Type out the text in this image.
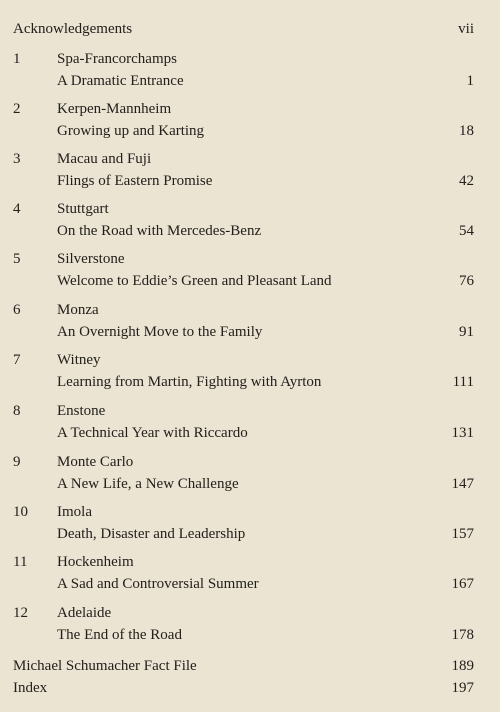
Acknowledgements	vii
1 Spa-Francorchamps
A Dramatic Entrance	1
2 Kerpen-Mannheim
Growing up and Karting	18
3 Macau and Fuji
Flings of Eastern Promise	42
4 Stuttgart
On the Road with Mercedes-Benz	54
5 Silverstone
Welcome to Eddie’s Green and Pleasant Land	76
6 Monza
An Overnight Move to the Family	91
7 Witney
Learning from Martin, Fighting with Ayrton	111
8 Enstone
A Technical Year with Riccardo	131
9 Monte Carlo
A New Life, a New Challenge	147
10 Imola
Death, Disaster and Leadership	157
11 Hockenheim
A Sad and Controversial Summer	167
12 Adelaide
The End of the Road	178
Michael Schumacher Fact File	189
Index	197
